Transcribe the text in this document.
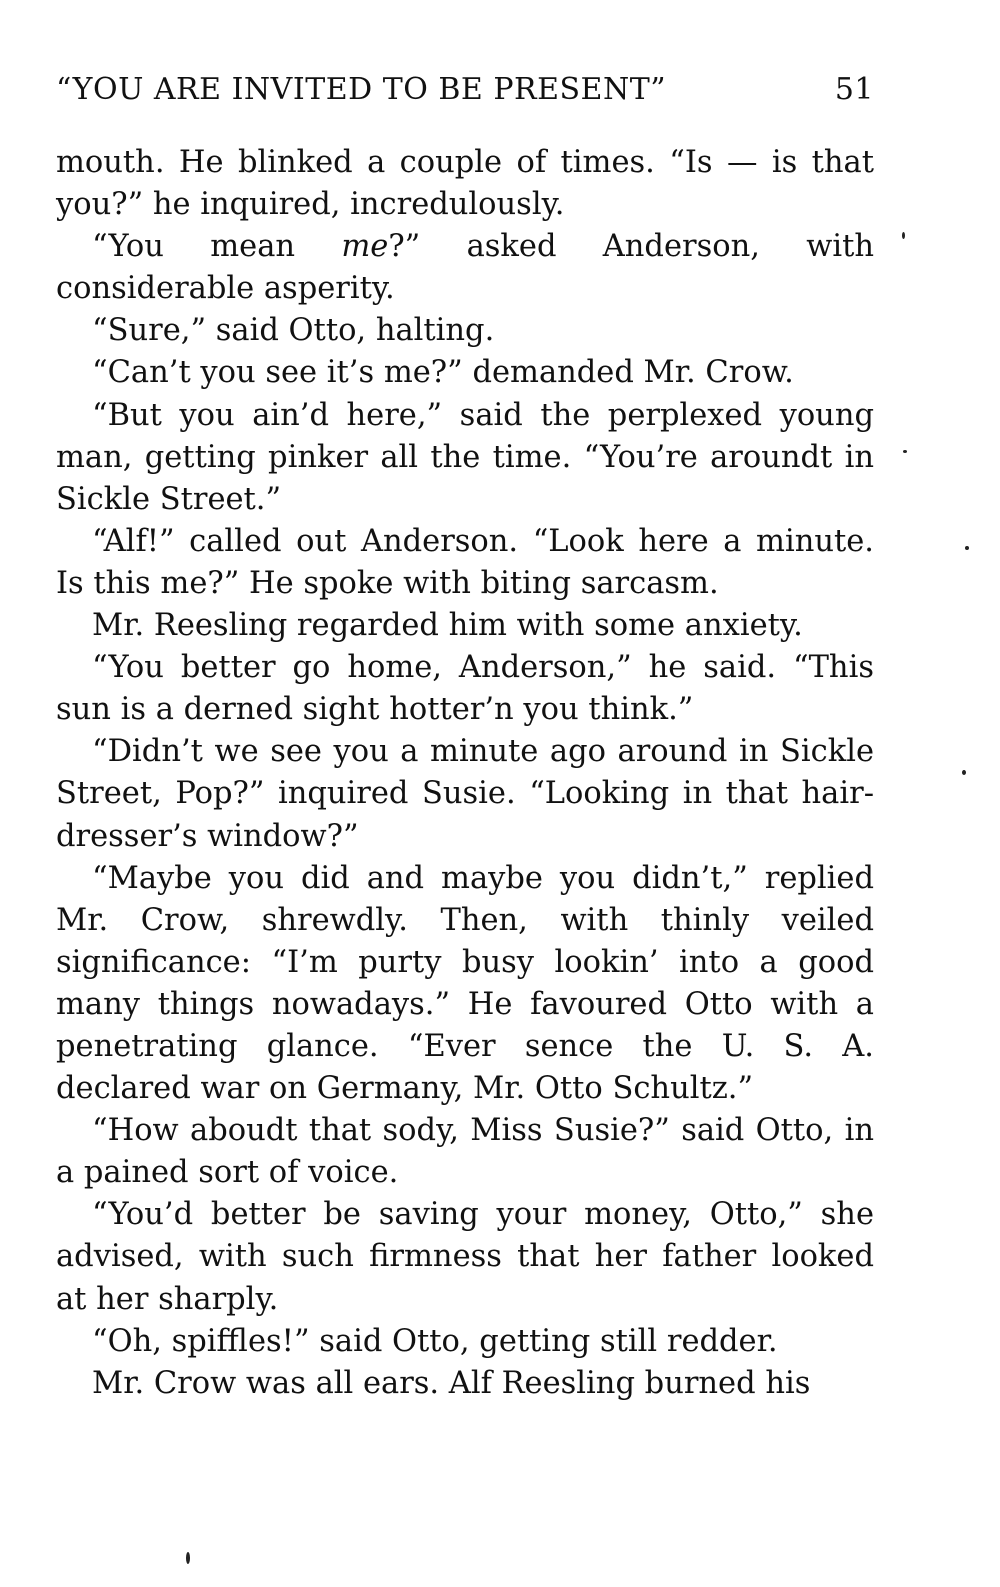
“YOU ARE INVITED TO BE PRESENT”	51

mouth. He blinked a couple of times. “Is — is that you?” he inquired, incredulously.

“You mean me?” asked Anderson, with considerable asperity.

“Sure,” said Otto, halting.

“Can’t you see it’s me?” demanded Mr. Crow.

“But you ain’d here,” said the perplexed young man, getting pinker all the time. “You’re aroundt in Sickle Street.”

“Alf!” called out Anderson. “Look here a minute. Is this me?” He spoke with biting sarcasm.

Mr. Reesling regarded him with some anxiety.

“You better go home, Anderson,” he said. “This sun is a derned sight hotter’n you think.”

“Didn’t we see you a minute ago around in Sickle Street, Pop?” inquired Susie. “Looking in that hair-dresser’s window?”

“Maybe you did and maybe you didn’t,” replied Mr. Crow, shrewdly. Then, with thinly veiled significance: “I’m purty busy lookin’ into a good many things nowadays.” He favoured Otto with a penetrating glance. “Ever sence the U. S. A. declared war on Germany, Mr. Otto Schultz.”

“How aboudt that sody, Miss Susie?” said Otto, in a pained sort of voice.

“You’d better be saving your money, Otto,” she advised, with such firmness that her father looked at her sharply.

“Oh, spiffles!” said Otto, getting still redder.

Mr. Crow was all ears. Alf Reesling burned his
